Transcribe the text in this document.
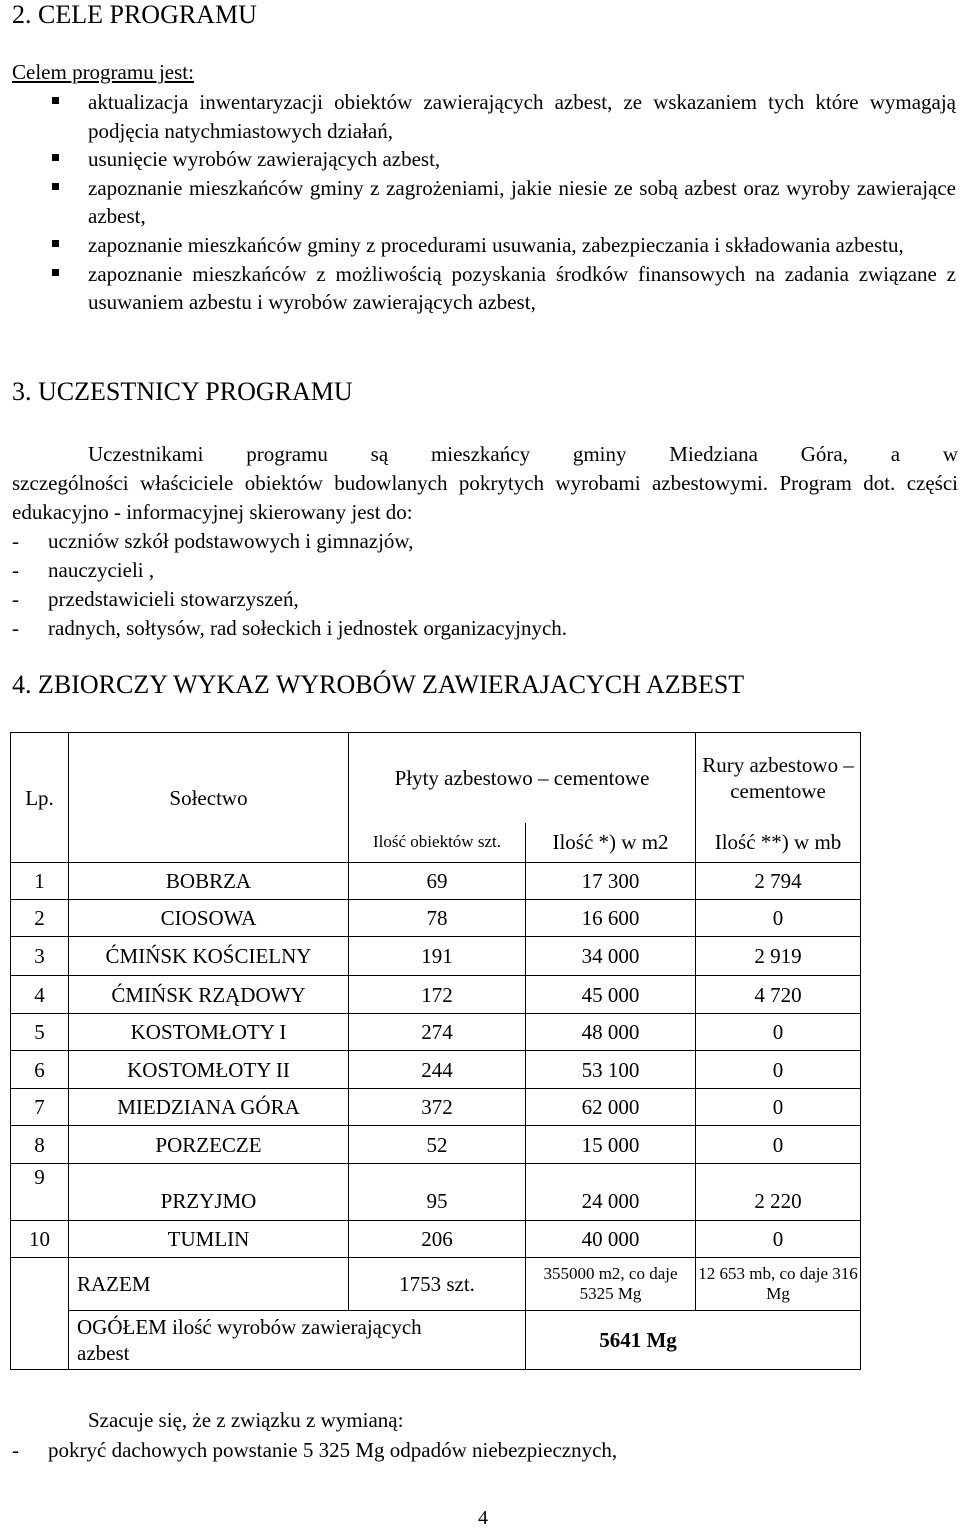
2. CELE PROGRAMU
Celem programu jest:
aktualizacja inwentaryzacji obiektów zawierających azbest, ze wskazaniem tych które wymagają podjęcia natychmiastowych działań,
usunięcie wyrobów zawierających azbest,
zapoznanie mieszkańców gminy z zagrożeniami, jakie niesie ze sobą azbest oraz wyroby zawierające azbest,
zapoznanie mieszkańców gminy z procedurami usuwania, zabezpieczania i składowania azbestu,
zapoznanie mieszkańców z możliwością pozyskania środków finansowych na zadania związane z usuwaniem azbestu i wyrobów zawierających azbest,
3. UCZESTNICY PROGRAMU
Uczestnikami programu są mieszkańcy gminy Miedziana Góra, a w
szczególności właściciele obiektów budowlanych pokrytych wyrobami azbestowymi. Program dot. części edukacyjno - informacyjnej skierowany jest do:
- uczniów szkół podstawowych i gimnazjów,
- nauczycieli ,
- przedstawicieli stowarzyszeń,
- radnych, sołtysów, rad sołeckich i jednostek organizacyjnych.
4. ZBIORCZY WYKAZ WYROBÓW ZAWIERAJACYCH AZBEST
Lp.	Sołectwo	Płyty azbestowo – cementowe		Rury azbestowo – cementowe
		Ilość obiektów szt.	Ilość *) w m2	Ilość **) w mb
1	BOBRZA	69	17 300	2 794
2	CIOSOWA	78	16 600	0
3	ĆMIŃSK KOŚCIELNY	191	34 000	2 919
4	ĆMIŃSK RZĄDOWY	172	45 000	4 720
5	KOSTOMŁOTY I	274	48 000	0
6	KOSTOMŁOTY II	244	53 100	0
7	MIEDZIANA GÓRA	372	62 000	0
8	PORZECZE	52	15 000	0
9	PRZYJMO	95	24 000	2 220
10	TUMLIN	206	40 000	0
	RAZEM	1753 szt.	355000 m2, co daje 5325 Mg	12 653 mb, co daje 316 Mg
	OGÓŁEM ilość wyrobów zawierających azbest		5641 Mg	
Szacuje się, że z związku z wymianą:
- pokryć dachowych powstanie 5 325 Mg odpadów niebezpiecznych,
4
